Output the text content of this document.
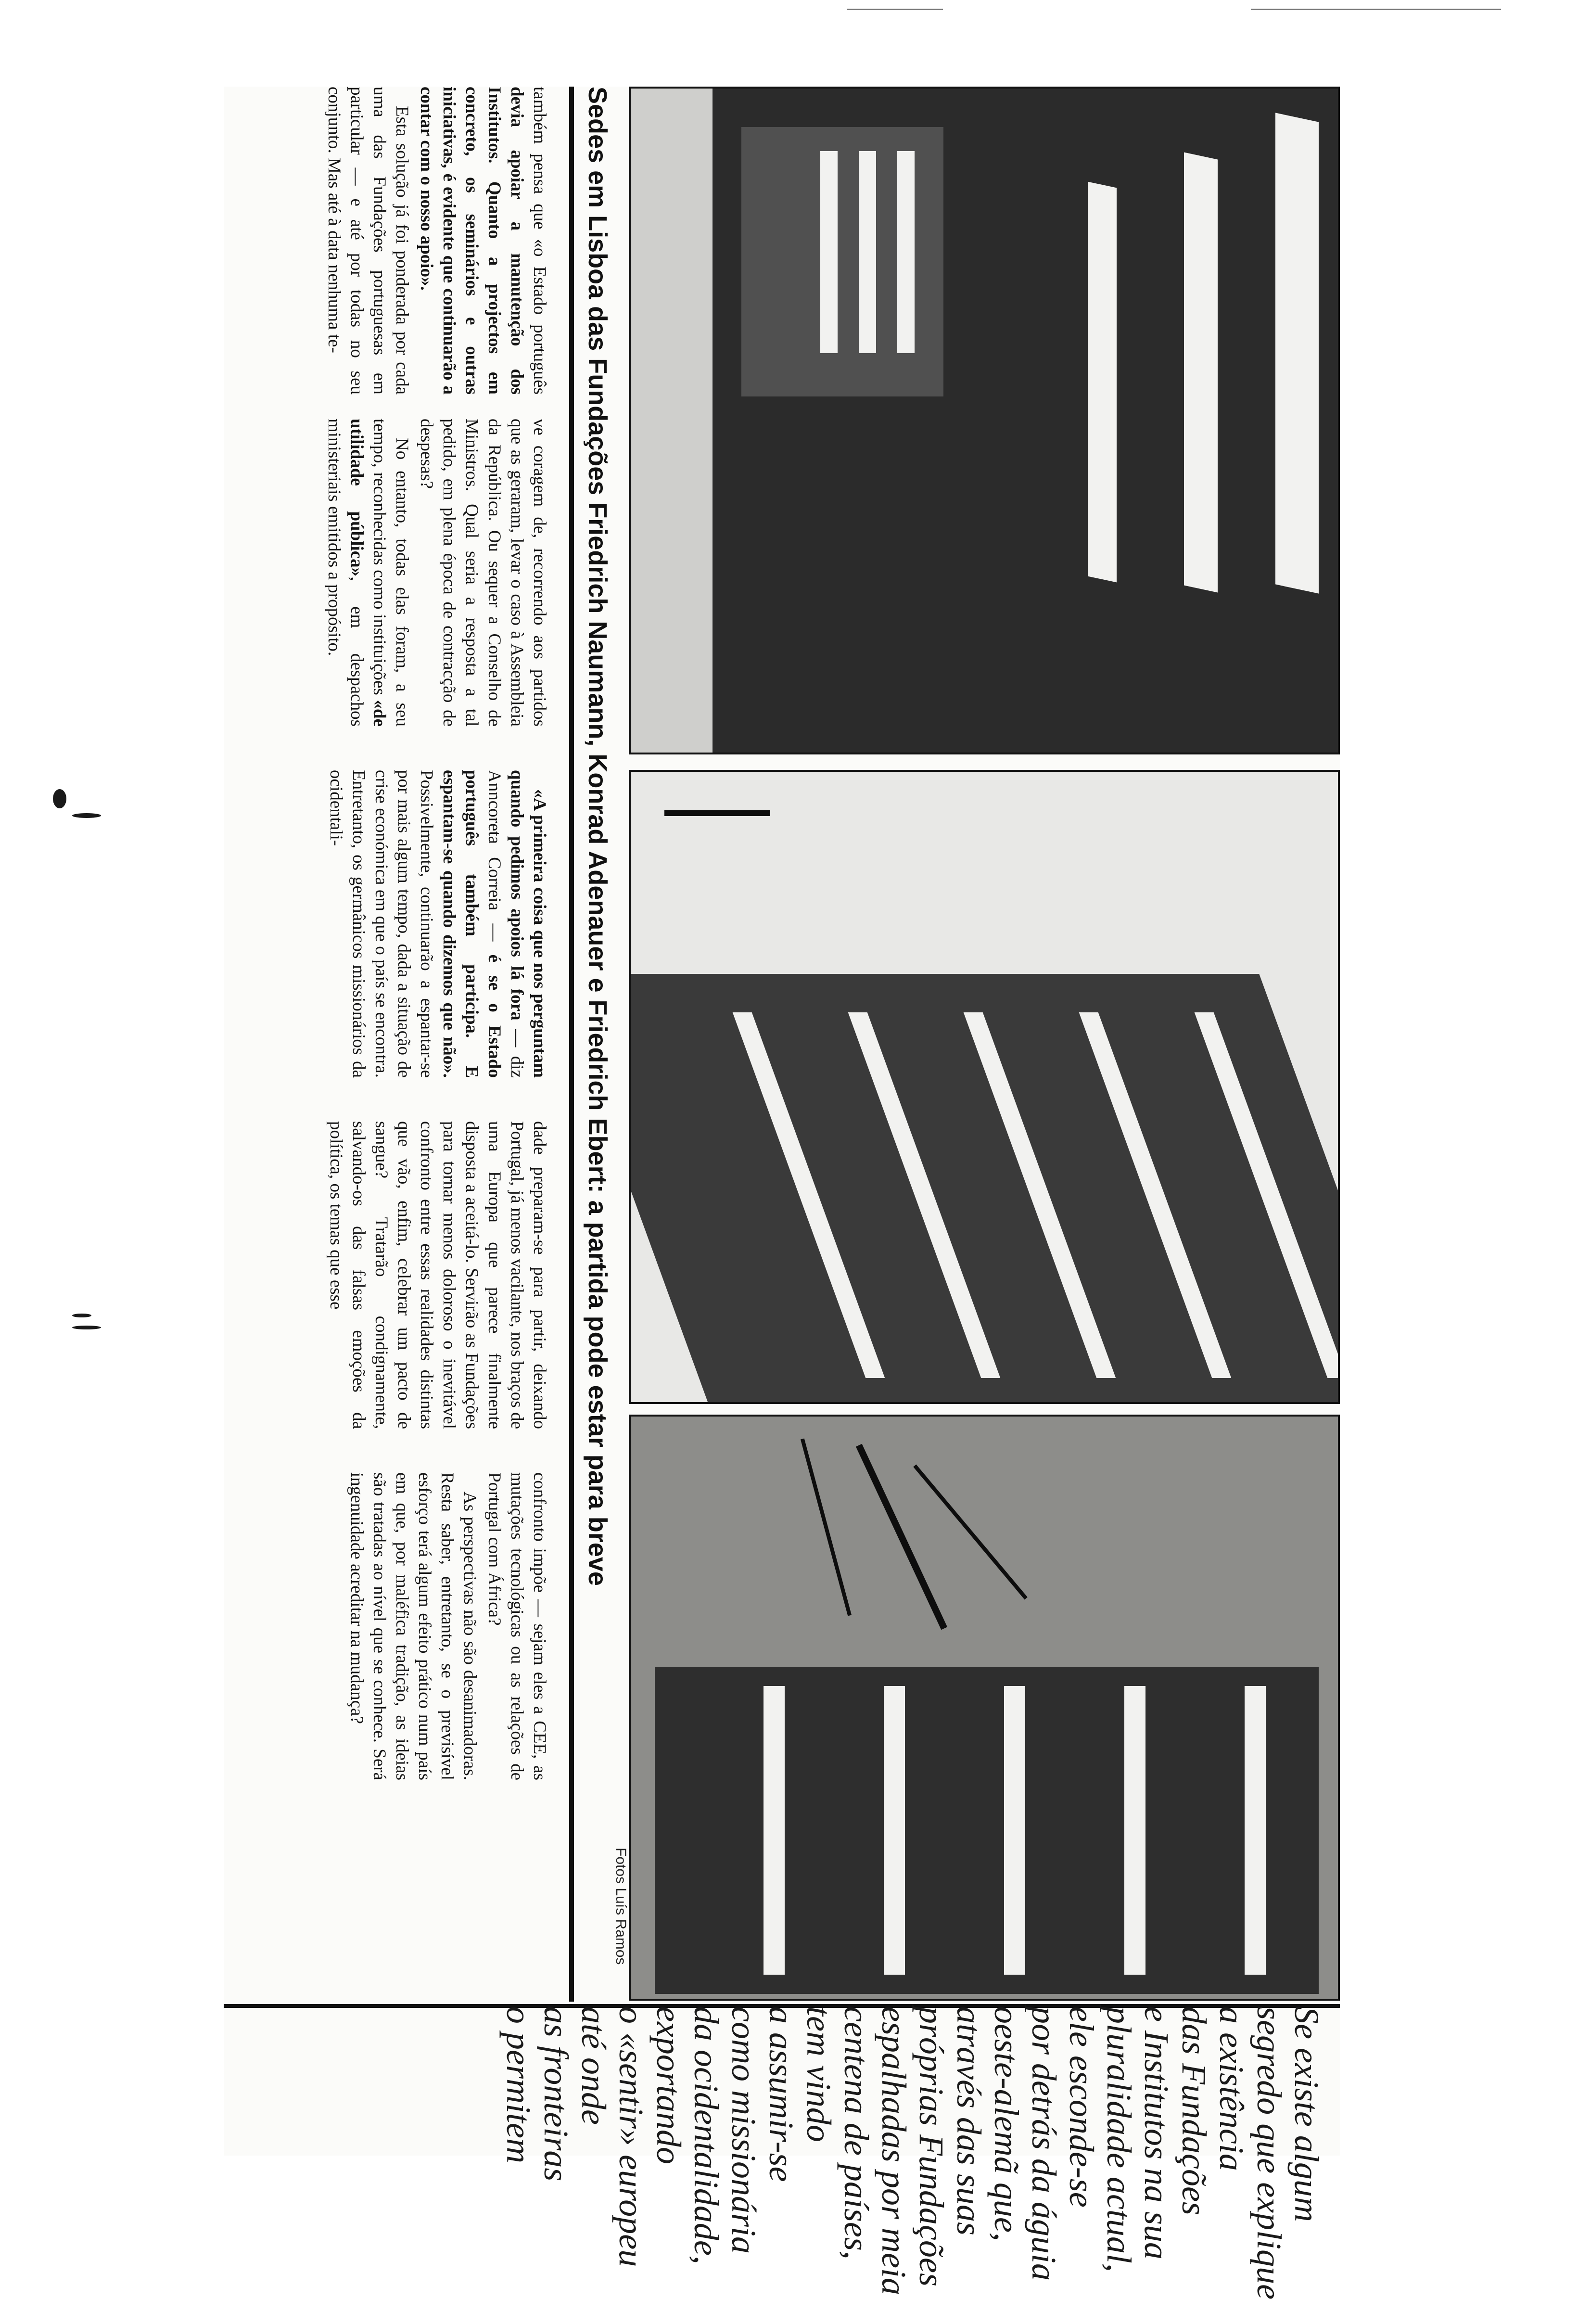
Fotos Luís Ramos
Sedes em Lisboa das Fundações Friedrich Naumann, Konrad Adenauer e Friedrich Ebert: a partida pode estar para breve

também pensa que «o Estado português devia apoiar a manutenção dos Institutos. Quanto a projectos em concreto, os seminários e outras iniciativas, é evidente que continuarão a contar com o nosso apoio».

Esta solução já foi ponderada por cada uma das Fundações portuguesas em particular — e até por todas no seu conjunto. Mas até à data nenhuma te-

ve coragem de, recorrendo aos partidos que as geraram, levar o caso à Assembleia da República. Ou sequer a Conselho de Ministros. Qual seria a resposta a tal pedido, em plena época de contracção de despesas?

No entanto, todas elas foram, a seu tempo, reconhecidas como instituições «de utilidade pública», em despachos ministeriais emitidos a propósito.

«A primeira coisa que nos perguntam quando pedimos apoios lá fora — diz Anncoreta Correia — é se o Estado português também participa. E espantam-se quando dizemos que não». Possivelmente, continuarão a espantar-se por mais algum tempo, dada a situação de crise económica em que o país se encontra. Entretanto, os germânicos missionários da ocidentali-

dade preparam-se para partir, deixando Portugal, já menos vacilante, nos braços de uma Europa que parece finalmente disposta a aceitá-lo. Servirão as Fundações para tornar menos doloroso o inevitável confronto entre essas realidades distintas que vão, enfim, celebrar um pacto de sangue? Tratarão condignamente, salvando-os das falsas emoções da política, os temas que esse

confronto impõe — sejam eles a CEE, as mutações tecnológicas ou as relações de Portugal com África?

As perspectivas não são desanimadoras. Resta saber, entretanto, se o previsível esforço terá algum efeito prático num país em que, por maléfica tradição, as ideias são tratadas ao nível que se conhece. Será ingenuidade acreditar na mudança?

Se existe algum
segredo que explique
a existência
das Fundações
e Institutos na sua
pluralidade actual,
ele esconde-se
por detrás da águia
oeste-alemã que,
através das suas
próprias Fundações
espalhadas por meia
centena de países,
tem vindo
a assumir-se
como missionária
da ocidentalidade,
exportando
o «sentir» europeu
até onde
as fronteiras
o permitem
